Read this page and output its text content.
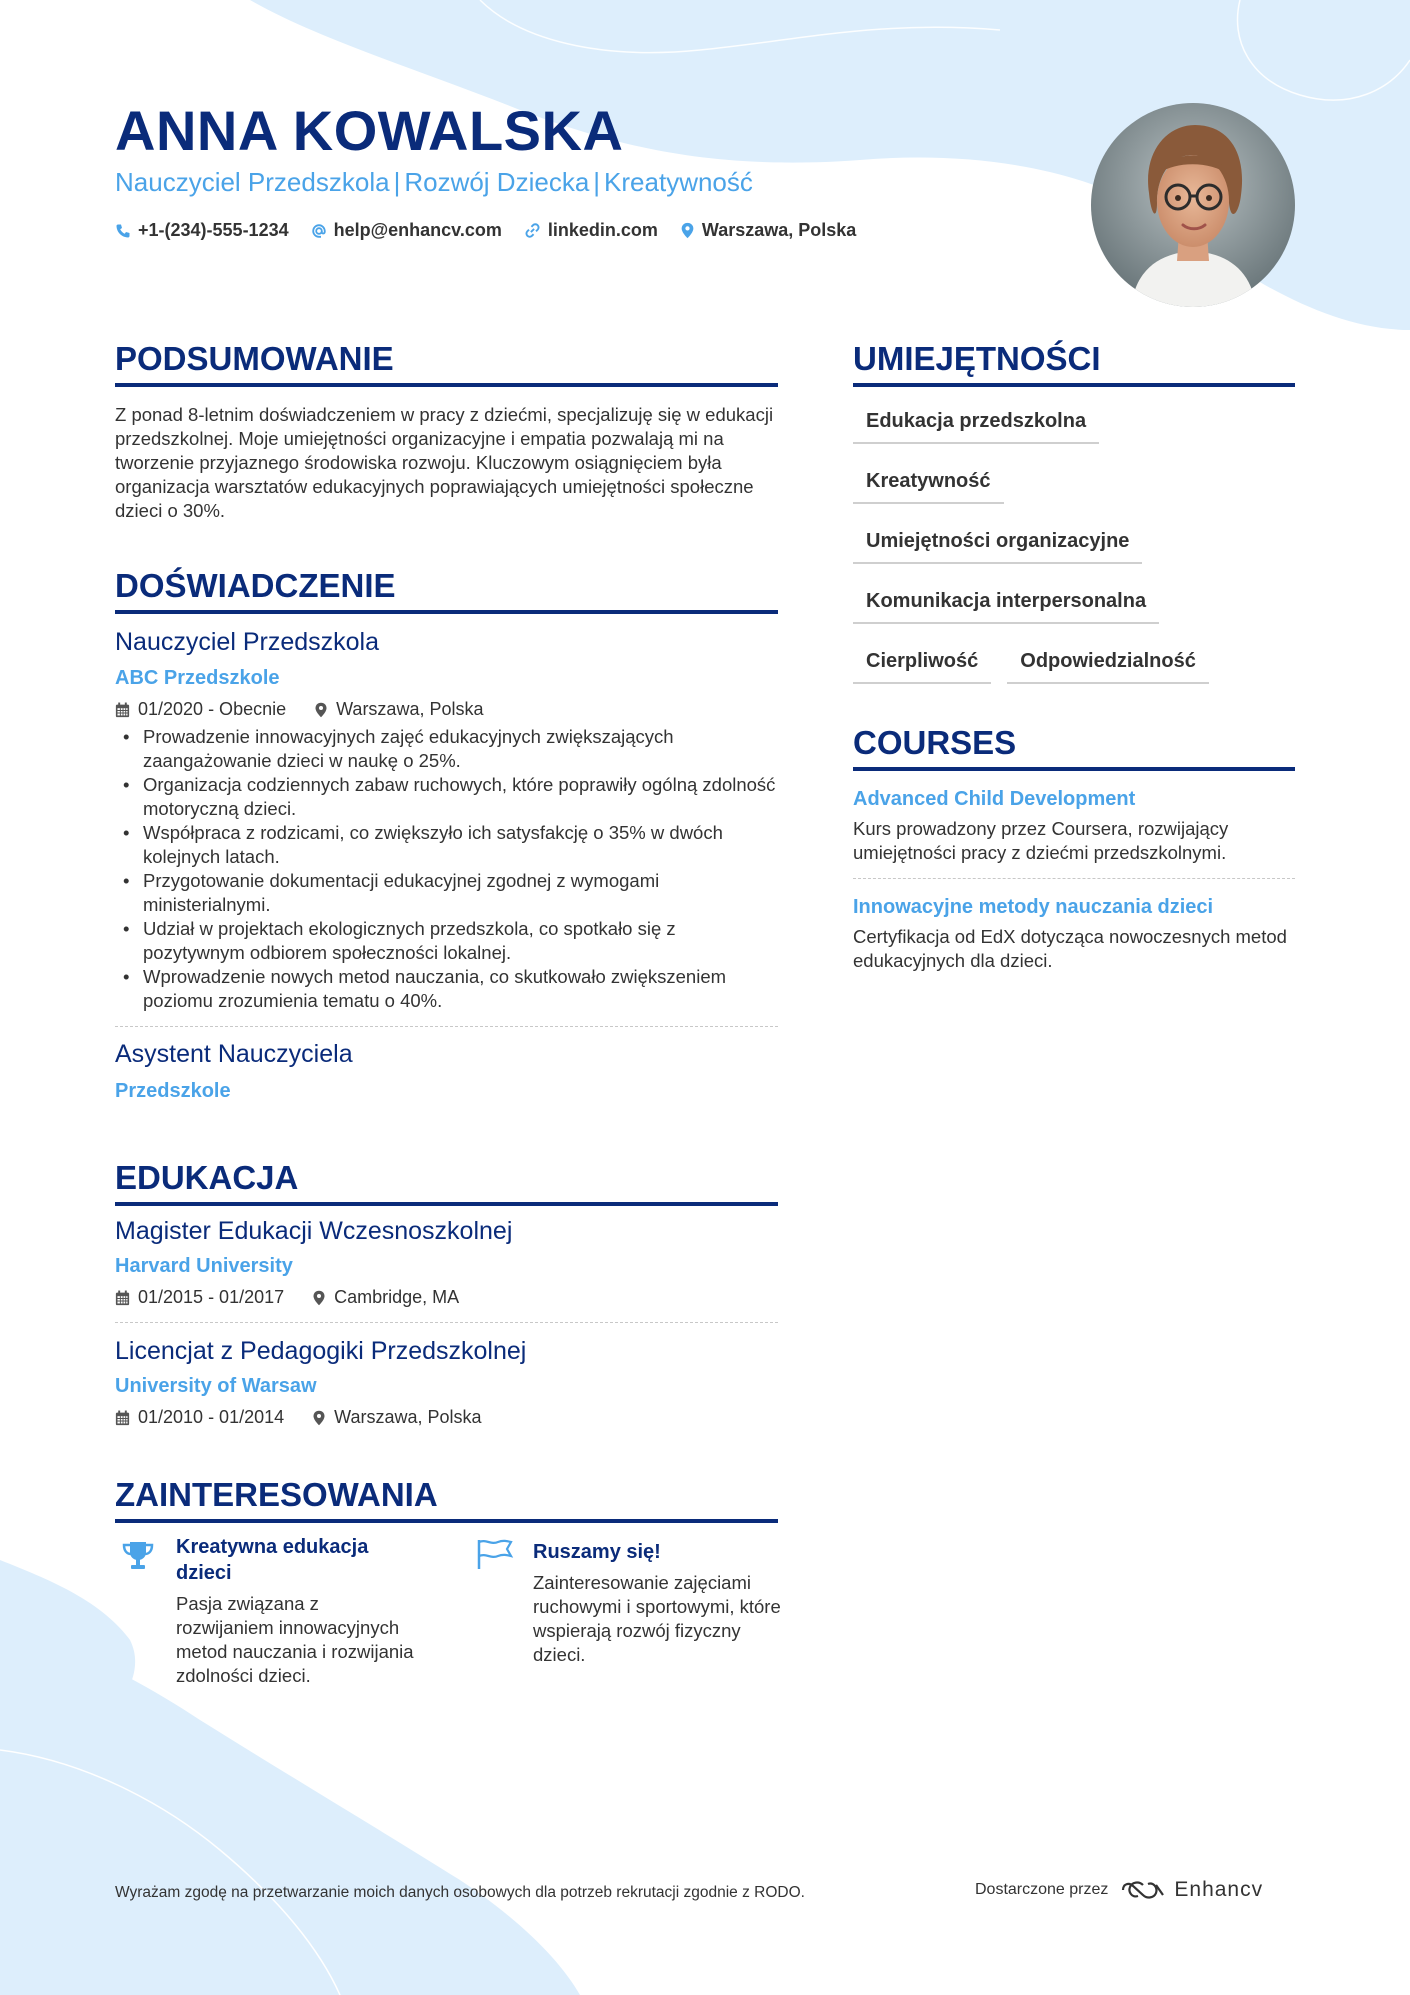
ANNA KOWALSKA
Nauczyciel Przedszkola | Rozwój Dziecka | Kreatywność
+1-(234)-555-1234	help@enhancv.com	linkedin.com Warszawa, Polska
PODSUMOWANIE
Z ponad 8-letnim doświadczeniem w pracy z dziećmi, specjalizuję się w edukacji przedszkolnej. Moje umiejętności organizacyjne i empatia pozwalają mi na tworzenie przyjaznego środowiska rozwoju. Kluczowym osiągnięciem była organizacja warsztatów edukacyjnych poprawiających umiejętności społeczne dzieci o 30%.
DOŚWIADCZENIE
Nauczyciel Przedszkola
ABC Przedszkole
01/2020 - Obecnie	Warszawa, Polska
• Prowadzenie innowacyjnych zajęć edukacyjnych zwiększających zaangażowanie dzieci w naukę o 25%.
• Organizacja codziennych zabaw ruchowych, które poprawiły ogólną zdolność motoryczną dzieci.
• Współpraca z rodzicami, co zwiększyło ich satysfakcję o 35% w dwóch kolejnych latach.
• Przygotowanie dokumentacji edukacyjnej zgodnej z wymogami ministerialnymi.
• Udział w projektach ekologicznych przedszkola, co spotkało się z pozytywnym odbiorem społeczności lokalnej.
• Wprowadzenie nowych metod nauczania, co skutkowało zwiększeniem poziomu zrozumienia tematu o 40%.
Asystent Nauczyciela
Przedszkole
EDUKACJA
Magister Edukacji Wczesnoszkolnej
Harvard University
01/2015 - 01/2017	Cambridge, MA
Licencjat z Pedagogiki Przedszkolnej
University of Warsaw
01/2010 - 01/2014	Warszawa, Polska
ZAINTERESOWANIA
Kreatywna edukacja dzieci
Pasja związana z rozwijaniem innowacyjnych metod nauczania i rozwijania zdolności dzieci.
Ruszamy się!
Zainteresowanie zajęciami ruchowymi i sportowymi, które wspierają rozwój fizyczny dzieci.
UMIEJĘTNOŚCI
Edukacja przedszkolna
Kreatywność
Umiejętności organizacyjne
Komunikacja interpersonalna
Cierpliwość	Odpowiedzialność
COURSES
Advanced Child Development
Kurs prowadzony przez Coursera, rozwijający umiejętności pracy z dziećmi przedszkolnymi.
Innowacyjne metody nauczania dzieci
Certyfikacja od EdX dotycząca nowoczesnych metod edukacyjnych dla dzieci.
Wyrażam zgodę na przetwarzanie moich danych osobowych dla potrzeb rekrutacji zgodnie z RODO.	Dostarczone przez	Enhancv
